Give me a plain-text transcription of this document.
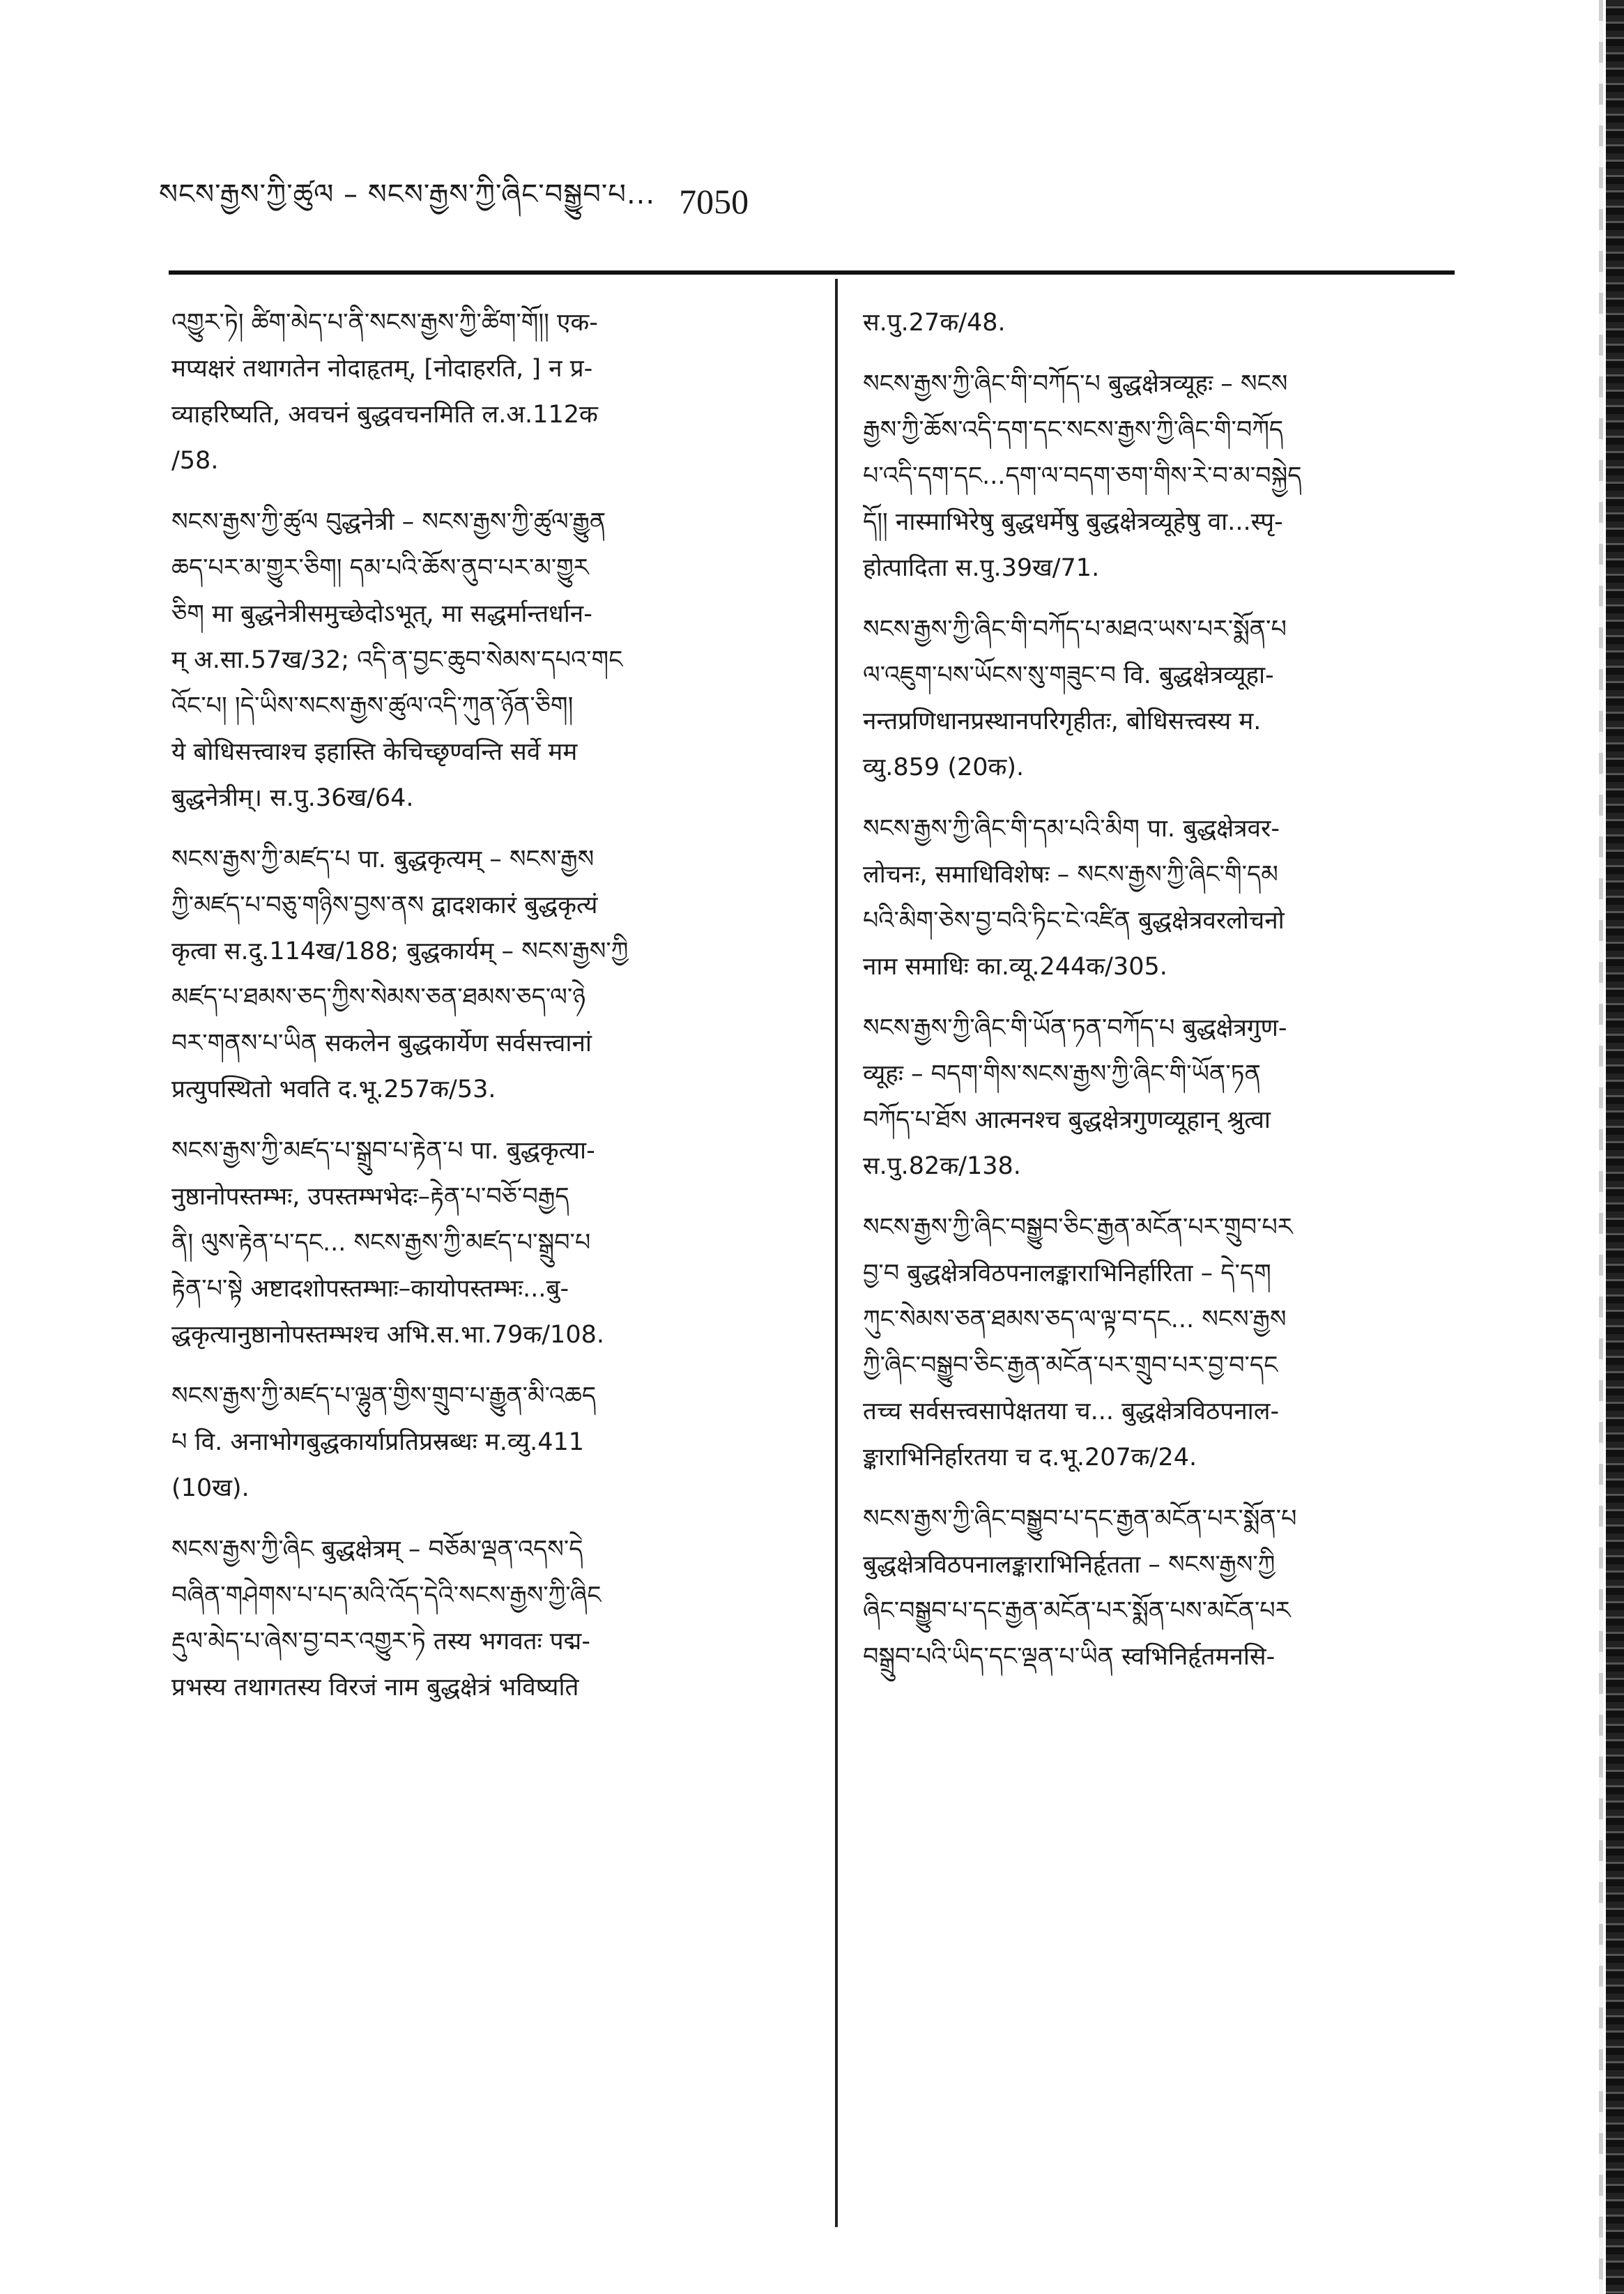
སངས་རྒྱས་ཀྱི་ཚུལ – སངས་རྒྱས་ཀྱི་ཞིང་བསྒྱུབ་པ... 7050
འགྱུར་ཏེ། ཚིག་མེད་པ་ནི་སངས་རྒྱས་ཀྱི་ཚིག་གོ།། एक-
मप्यक्षरं तथागतेन नोदाहृतम्, [नोदाहरति, ] न प्र-
व्याहरिष्यति, अवचनं बुद्धवचनमिति ल.अ.112क
/58.
སངས་རྒྱས་ཀྱི་ཚུལ བུद्धनेत्री – སངས་རྒྱས་ཀྱི་ཚུལ་རྒྱུན
ཆད་པར་མ་གྱུར་ཅིག། དམ་པའི་ཆོས་ནུབ་པར་མ་གྱུར
ཅིག मा बुद्धनेत्रीसमुच्छेदोऽभूत्, मा सद्धर्मान्तर्धान-
म् अ.सा.57ख/32; འདི་ན་བྱང་ཆུབ་སེམས་དཔའ་གང
འོང་པ། །དེ་ཡིས་སངས་རྒྱས་ཚུལ་འདི་ཀུན་ཉོན་ཅིག།
ये बोधिसत्त्वाश्च इहास्ति केचिच्छृण्वन्ति सर्वे मम
बुद्धनेत्रीम्। स.पु.36ख/64.
སངས་རྒྱས་ཀྱི་མཛད་པ पा. बुद्धकृत्यम् – སངས་རྒྱས
ཀྱི་མཛད་པ་བཅུ་གཉིས་བྱས་ནས द्वादशकारं बुद्धकृत्यं
कृत्वा स.दु.114ख/188; बुद्धकार्यम् – སངས་རྒྱས་ཀྱི
མཛད་པ་ཐམས་ཅད་ཀྱིས་སེམས་ཅན་ཐམས་ཅད་ལ་ཉེ
བར་གནས་པ་ཡིན सकलेन बुद्धकार्येण सर्वसत्त्वानां
प्रत्युपस्थितो भवति द.भू.257क/53.
སངས་རྒྱས་ཀྱི་མཛད་པ་སྒྲུབ་པ་རྟེན་པ पा. बुद्धकृत्या-
नुष्ठानोपस्तम्भः, उपस्तम्भभेदः–རྟེན་པ་བཅོ་བརྒྱད
ནི། ལུས་རྟེན་པ་དང... སངས་རྒྱས་ཀྱི་མཛད་པ་སྒྲུབ་པ
རྟེན་པ་སྟེ अष्टादशोपस्तम्भाः–कायोपस्तम्भः...बु-
द्धकृत्यानुष्ठानोपस्तम्भश्च अभि.स.भा.79क/108.
སངས་རྒྱས་ཀྱི་མཛད་པ་ལྷུན་གྱིས་གྲུབ་པ་རྒྱུན་མི་འཆད
པ वि. अनाभोगबुद्धकार्याप्रतिप्रस्रब्धः म.व्यु.411
(10ख).
སངས་རྒྱས་ཀྱི་ཞིང बुद्धक्षेत्रम् – བཅོམ་ལྡན་འདས་དེ
བཞིན་གཤེགས་པ་པད་མའི་འོད་དེའི་སངས་རྒྱས་ཀྱི་ཞིང
རྡུལ་མེད་པ་ཞེས་བྱ་བར་འགྱུར་ཏེ तस्य भगवतः पद्म-
प्रभस्य तथागतस्य विरजं नाम बुद्धक्षेत्रं भविष्यति
स.पु.27क/48.
སངས་རྒྱས་ཀྱི་ཞིང་གི་བཀོད་པ बुद्धक्षेत्रव्यूहः – སངས
རྒྱས་ཀྱི་ཆོས་འདི་དག་དང་སངས་རྒྱས་ཀྱི་ཞིང་གི་བཀོད
པ་འདི་དག་དང...དག་ལ་བདག་ཅག་གིས་རེ་བ་མ་བསྐྱེད
དོ།། नास्माभिरेषु बुद्धधर्मेषु बुद्धक्षेत्रव्यूहेषु वा...स्पृ-
होत्पादिता स.पु.39ख/71.
སངས་རྒྱས་ཀྱི་ཞིང་གི་བཀོད་པ་མཐའ་ཡས་པར་སྨོན་པ
ལ་འཇུག་པས་ཡོངས་སུ་གཟུང་བ वि. बुद्धक्षेत्रव्यूहा-
नन्तप्रणिधानप्रस्थानपरिगृहीतः, बोधिसत्त्वस्य म.
व्यु.859 (20क).
སངས་རྒྱས་ཀྱི་ཞིང་གི་དམ་པའི་མིག पा. बुद्धक्षेत्रवर-
लोचनः, समाधिविशेषः – སངས་རྒྱས་ཀྱི་ཞིང་གི་དམ
པའི་མིག་ཅེས་བྱ་བའི་ཏིང་ངེ་འཛིན बुद्धक्षेत्रवरलोचनो
नाम समाधिः का.व्यू.244क/305.
སངས་རྒྱས་ཀྱི་ཞིང་གི་ཡོན་ཏན་བཀོད་པ बुद्धक्षेत्रगुण-
व्यूहः – བདག་གིས་སངས་རྒྱས་ཀྱི་ཞིང་གི་ཡོན་ཏན
བཀོད་པ་ཐོས आत्मनश्च बुद्धक्षेत्रगुणव्यूहान् श्रुत्वा
स.पु.82क/138.
སངས་རྒྱས་ཀྱི་ཞིང་བསྒྱུབ་ཅིང་རྒྱན་མངོན་པར་གྲུབ་པར
བྱ་བ बुद्धक्षेत्रविठपनालङ्काराभिनिर्हारिता – དེ་དག
ཀུང་སེམས་ཅན་ཐམས་ཅད་ལ་ལྟ་བ་དང... སངས་རྒྱས
ཀྱི་ཞིང་བསྒྱུབ་ཅིང་རྒྱན་མངོན་པར་གྲུབ་པར་བྱ་བ་དང
तच्च सर्वसत्त्वसापेक्षतया च... बुद्धक्षेत्रविठपनाल-
ङ्काराभिनिर्हारतया च द.भू.207क/24.
སངས་རྒྱས་ཀྱི་ཞིང་བསྒྱུབ་པ་དང་རྒྱན་མངོན་པར་སྨོན་པ
बुद्धक्षेत्रविठपनालङ्काराभिनिर्हृतता – སངས་རྒྱས་ཀྱི
ཞིང་བསྒྱུབ་པ་དང་རྒྱན་མངོན་པར་སྨོན་པས་མངོན་པར
བསྒྲུབ་པའི་ཡིད་དང་ལྡན་པ་ཡིན स्वभिनिर्हृतमनसि-
